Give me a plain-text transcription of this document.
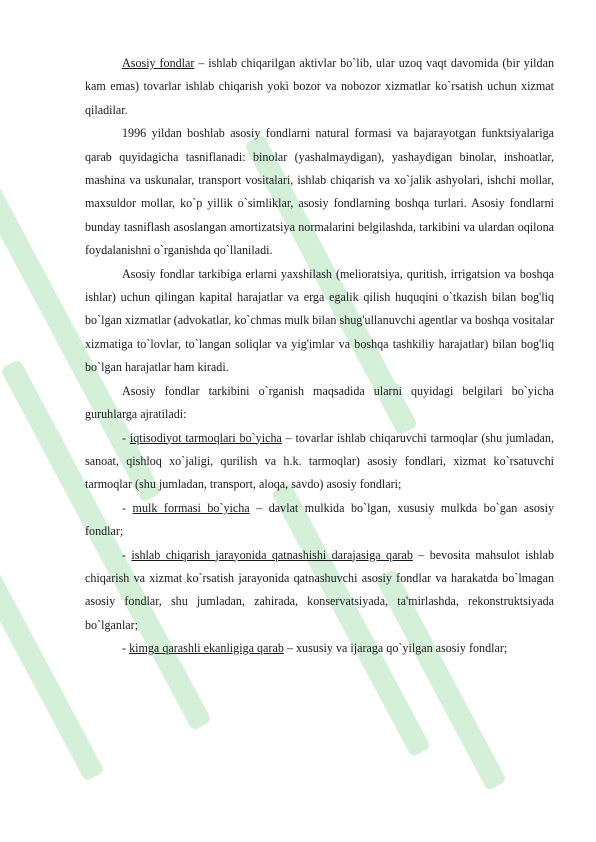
Asosiy fondlar – ishlab chiqarilgan aktivlar bo`lib, ular uzoq vaqt davomida (bir yildan kam emas) tovarlar ishlab chiqarish yoki bozor va nobozor xizmatlar ko`rsatish uchun xizmat qiladilar.

1996 yildan boshlab asosiy fondlarni natural formasi va bajarayotgan funktsiyalariga qarab quyidagicha tasniflanadi: binolar (yashalmaydigan), yashaydigan binolar, inshoatlar, mashina va uskunalar, transport vositalari, ishlab chiqarish va xo`jalik ashyolari, ishchi mollar, maxsuldor mollar, ko`p yillik o`simliklar, asosiy fondlarning boshqa turlari. Asosiy fondlarni bunday tasniflash asoslangan amortizatsiya normalarini belgilashda, tarkibini va ulardan oqilona foydalanishni o`rganishda qo`llaniladi.

Asosiy fondlar tarkibiga erlarni yaxshilash (melioratsiya, quritish, irrigatsion va boshqa ishlar) uchun qilingan kapital harajatlar va erga egalik qilish huquqini o`tkazish bilan bog'liq bo`lgan xizmatlar (advokatlar, ko`chmas mulk bilan shug'ullanuvchi agentlar va boshqa vositalar xizmatiga to`lovlar, to`langan soliqlar va yig'imlar va boshqa tashkiliy harajatlar) bilan bog'liq bo`lgan harajatlar ham kiradi.

Asosiy fondlar tarkibini o`rganish maqsadida ularni quyidagi belgilari bo`yicha guruhlarga ajratiladi:

- iqtisodiyot tarmoqlari bo`yicha – tovarlar ishlab chiqaruvchi tarmoqlar (shu jumladan, sanoat, qishloq xo`jaligi, qurilish va h.k. tarmoqlar) asosiy fondlari, xizmat ko`rsatuvchi tarmoqlar (shu jumladan, transport, aloqa, savdo) asosiy fondlari;

- mulk formasi bo`yicha – davlat mulkida bo`lgan, xususiy mulkda bo`gan asosiy fondlar;

- ishlab chiqarish jarayonida qatnashishi darajasiga qarab – bevosita mahsulot ishlab chiqarish va xizmat ko`rsatish jarayonida qatnashuvchi asosiy fondlar va harakatda bo`lmagan asosiy fondlar, shu jumladan, zahirada, konservatsiyada, ta'mirlashda, rekonstruktsiyada bo`lganlar;

- kimga qarashli ekanligiga qarab – xususiy va ijaraga qo`yilgan asosiy fondlar;
